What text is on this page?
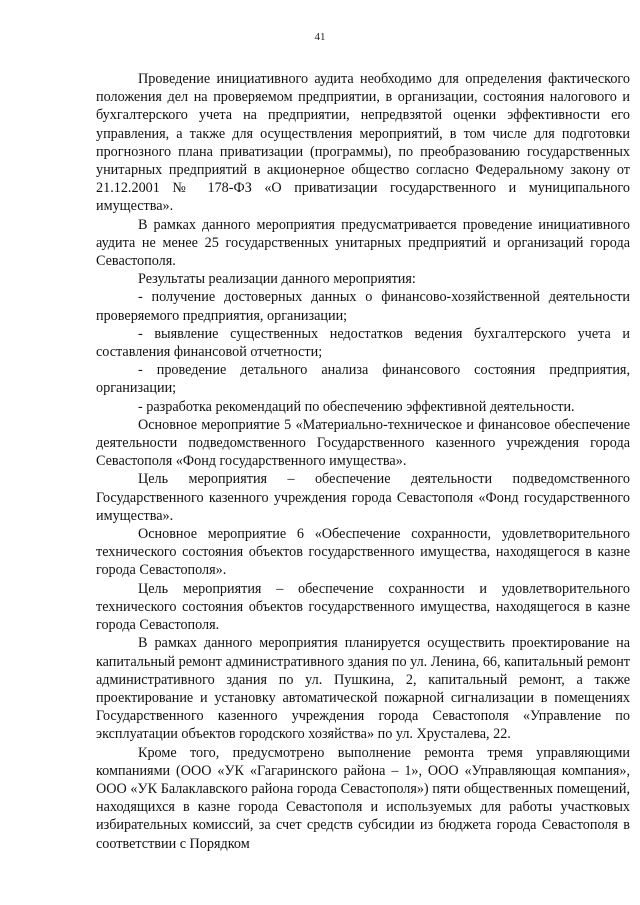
41

Проведение инициативного аудита необходимо для определения фактического положения дел на проверяемом предприятии, в организации, состояния налогового и бухгалтерского учета на предприятии, непредвзятой оценки эффективности его управления, а также для осуществления мероприятий, в том числе для подготовки прогнозного плана приватизации (программы), по преобразованию государственных унитарных предприятий в акционерное общество согласно Федеральному закону от 21.12.2001 № 178-ФЗ «О приватизации государственного и муниципального имущества».

В рамках данного мероприятия предусматривается проведение инициативного аудита не менее 25 государственных унитарных предприятий и организаций города Севастополя.

Результаты реализации данного мероприятия:

- получение достоверных данных о финансово-хозяйственной деятельности проверяемого предприятия, организации;

- выявление существенных недостатков ведения бухгалтерского учета и составления финансовой отчетности;

- проведение детального анализа финансового состояния предприятия, организации;

- разработка рекомендаций по обеспечению эффективной деятельности.

Основное мероприятие 5 «Материально-техническое и финансовое обеспечение деятельности подведомственного Государственного казенного учреждения города Севастополя «Фонд государственного имущества».

Цель мероприятия – обеспечение деятельности подведомственного Государственного казенного учреждения города Севастополя «Фонд государственного имущества».

Основное мероприятие 6 «Обеспечение сохранности, удовлетворительного технического состояния объектов государственного имущества, находящегося в казне города Севастополя».

Цель мероприятия – обеспечение сохранности и удовлетворительного технического состояния объектов государственного имущества, находящегося в казне города Севастополя.

В рамках данного мероприятия планируется осуществить проектирование на капитальный ремонт административного здания по ул. Ленина, 66, капитальный ремонт административного здания по ул. Пушкина, 2, капитальный ремонт, а также проектирование и установку автоматической пожарной сигнализации в помещениях Государственного казенного учреждения города Севастополя «Управление по эксплуатации объектов городского хозяйства» по ул. Хрусталева, 22.

Кроме того, предусмотрено выполнение ремонта тремя управляющими компаниями (ООО «УК «Гагаринского района – 1», ООО «Управляющая компания», ООО «УК Балаклавского района города Севастополя») пяти общественных помещений, находящихся в казне города Севастополя и используемых для работы участковых избирательных комиссий, за счет средств субсидии из бюджета города Севастополя в соответствии с Порядком
